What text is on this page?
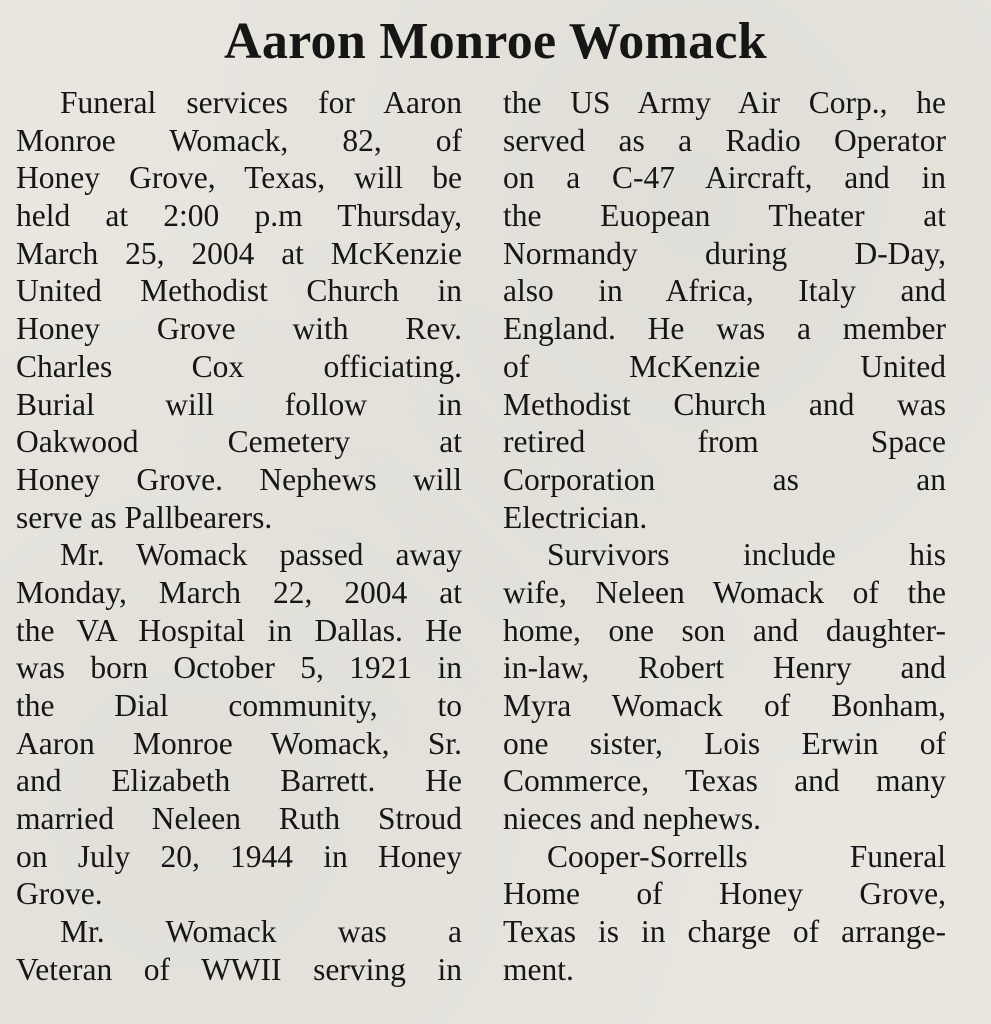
Aaron Monroe Womack
Funeral services for Aaron
Monroe Womack, 82, of
Honey Grove, Texas, will be
held at 2:00 p.m Thursday,
March 25, 2004 at McKenzie
United Methodist Church in
Honey Grove with Rev.
Charles Cox officiating.
Burial will follow in
Oakwood Cemetery at
Honey Grove. Nephews will
serve as Pallbearers.
Mr. Womack passed away
Monday, March 22, 2004 at
the VA Hospital in Dallas. He
was born October 5, 1921 in
the Dial community, to
Aaron Monroe Womack, Sr.
and Elizabeth Barrett. He
married Neleen Ruth Stroud
on July 20, 1944 in Honey
Grove.
Mr. Womack was a
Veteran of WWII serving in
the US Army Air Corp., he
served as a Radio Operator
on a C-47 Aircraft, and in
the Euopean Theater at
Normandy during D-Day,
also in Africa, Italy and
England. He was a member
of McKenzie United
Methodist Church and was
retired from Space
Corporation as an
Electrician.
Survivors include his
wife, Neleen Womack of the
home, one son and daughter-
in-law, Robert Henry and
Myra Womack of Bonham,
one sister, Lois Erwin of
Commerce, Texas and many
nieces and nephews.
Cooper-Sorrells Funeral
Home of Honey Grove,
Texas is in charge of arrange-
ment.
